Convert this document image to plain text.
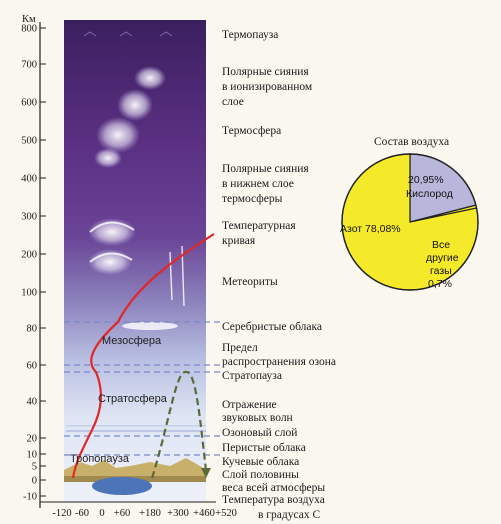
Км
800
700
600
500
400
300
200
100
80
60
40
20
10
5
0
-10
Мезосфера
Стратосфера
Тропопауза
-120 -60 0 +60 +180 +300 +460 +520
Термопауза
Полярные сияния
в ионизированном
слое
Термосфера
Полярные сияния
в нижнем слое
термосферы
Температурная
кривая
Метеориты
Серебристые облака
Предел
распространения озона
Стратопауза
Отражение
звуковых волн
Озоновый слой
Перистые облака
Кучевые облака
Слой половины
веса всей атмосферы
Температура воздуха
в градусах С
Состав воздуха
20,95%
Кислород
Азот 78,08%
Все
другие
газы
0,7%
